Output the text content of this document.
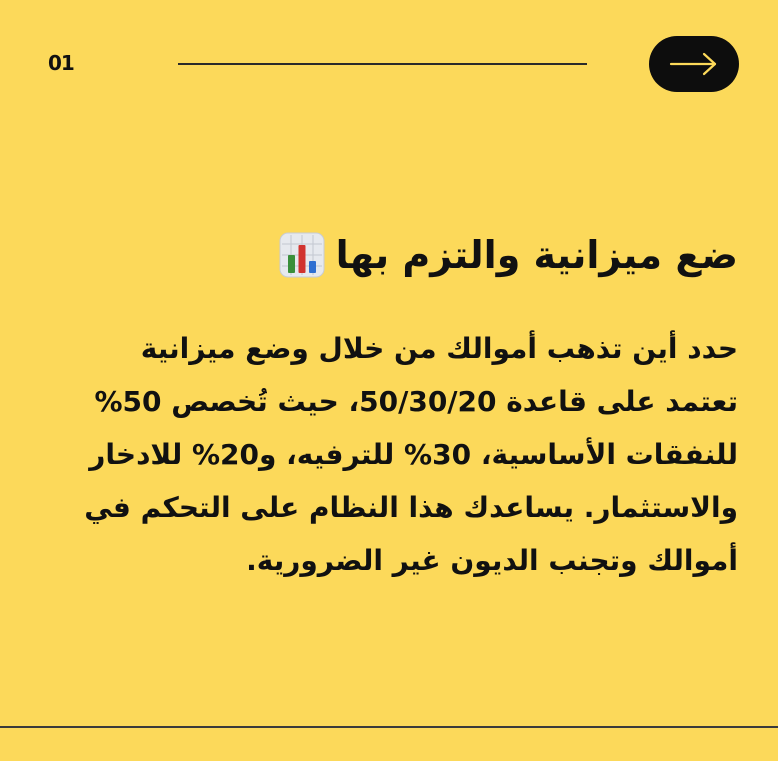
01
ضع ميزانية والتزم بها
حدد أين تذهب أموالك من خلال وضع ميزانية
تعتمد على قاعدة 50/30/20، حيث تُخصص 50%
للنفقات الأساسية، 30% للترفيه، و20% للادخار
والاستثمار. يساعدك هذا النظام على التحكم في
أموالك وتجنب الديون غير الضرورية.
